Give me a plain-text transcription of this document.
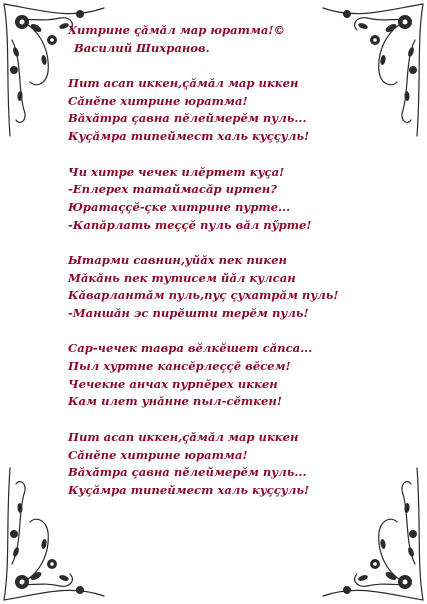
Хитрине ҫӑмӑл мар юратма!©
Василий Шихранов.
Пит асап иккен,ҫӑмӑл мар иккен
Сӑнӗпе хитрине юратма!
Вӑхӑтра ҫавна пӗлеймерӗм пуль...
Куҫӑмра типеймест халь куҫҫуль!
Чи хитре чечек илӗртет куҫа!
-Еплерех татаймасӑр иртен?
Юратаҫҫӗ-ҫке хитрине пурте...
-Капӑрлать теҫҫӗ пуль вӑл пӳрте!
Ытарми савнин,уйӑх пек пикен
Мӑкӑнь пек тутисем йӑл кулсан
Кӑварлантӑм пуль,пуҫ ҫухатрӑм пуль!
-Маншӑн эс пирӗшти терӗм пуль!
Сар-чечек тавра вӗлкӗшет сӑпса...
Пыл хуртне кансӗрлеҫҫӗ вӗсем!
Чечекне анчах пурпӗрех иккен
Кам илет унӑнне пыл-сӗткен!
Пит асап иккен,ҫӑмӑл мар иккен
Сӑнӗпе хитрине юратма!
Вӑхӑтра ҫавна пӗлеймерӗм пуль...
Куҫӑмра типеймест халь куҫҫуль!
